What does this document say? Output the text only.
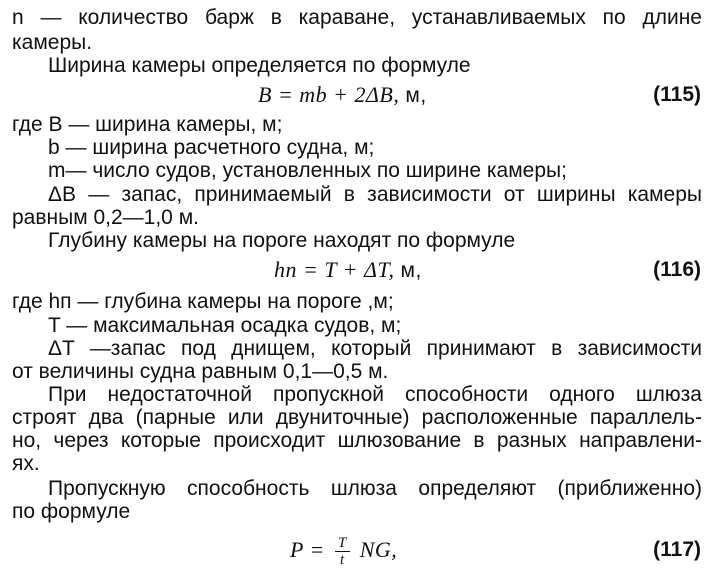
n — количество барж в караване, устанавливаемых по длине
камеры.
Ширина камеры определяется по формуле
B = mb + 2ΔB, м,	(115)
где B — ширина камеры, м;
b — ширина расчетного судна, м;
m— число судов, установленных по ширине камеры;
ΔB — запас, принимаемый в зависимости от ширины камеры
равным 0,2—1,0 м.
Глубину камеры на пороге находят по формуле
hп = T + ΔT, м,	(116)
где hп — глубина камеры на пороге ,м;
T — максимальная осадка судов, м;
ΔT —запас под днищем, который принимают в зависимости
от величины судна равным 0,1—0,5 м.
При недостаточной пропускной способности одного шлюза
строят два (парные или двуниточные) расположенные параллель-
но, через которые происходит шлюзование в разных направлени-
ях.
Пропускную способность шлюза определяют (приближенно)
по формуле
$P = \frac{T}{t}$ NG,	(117)
